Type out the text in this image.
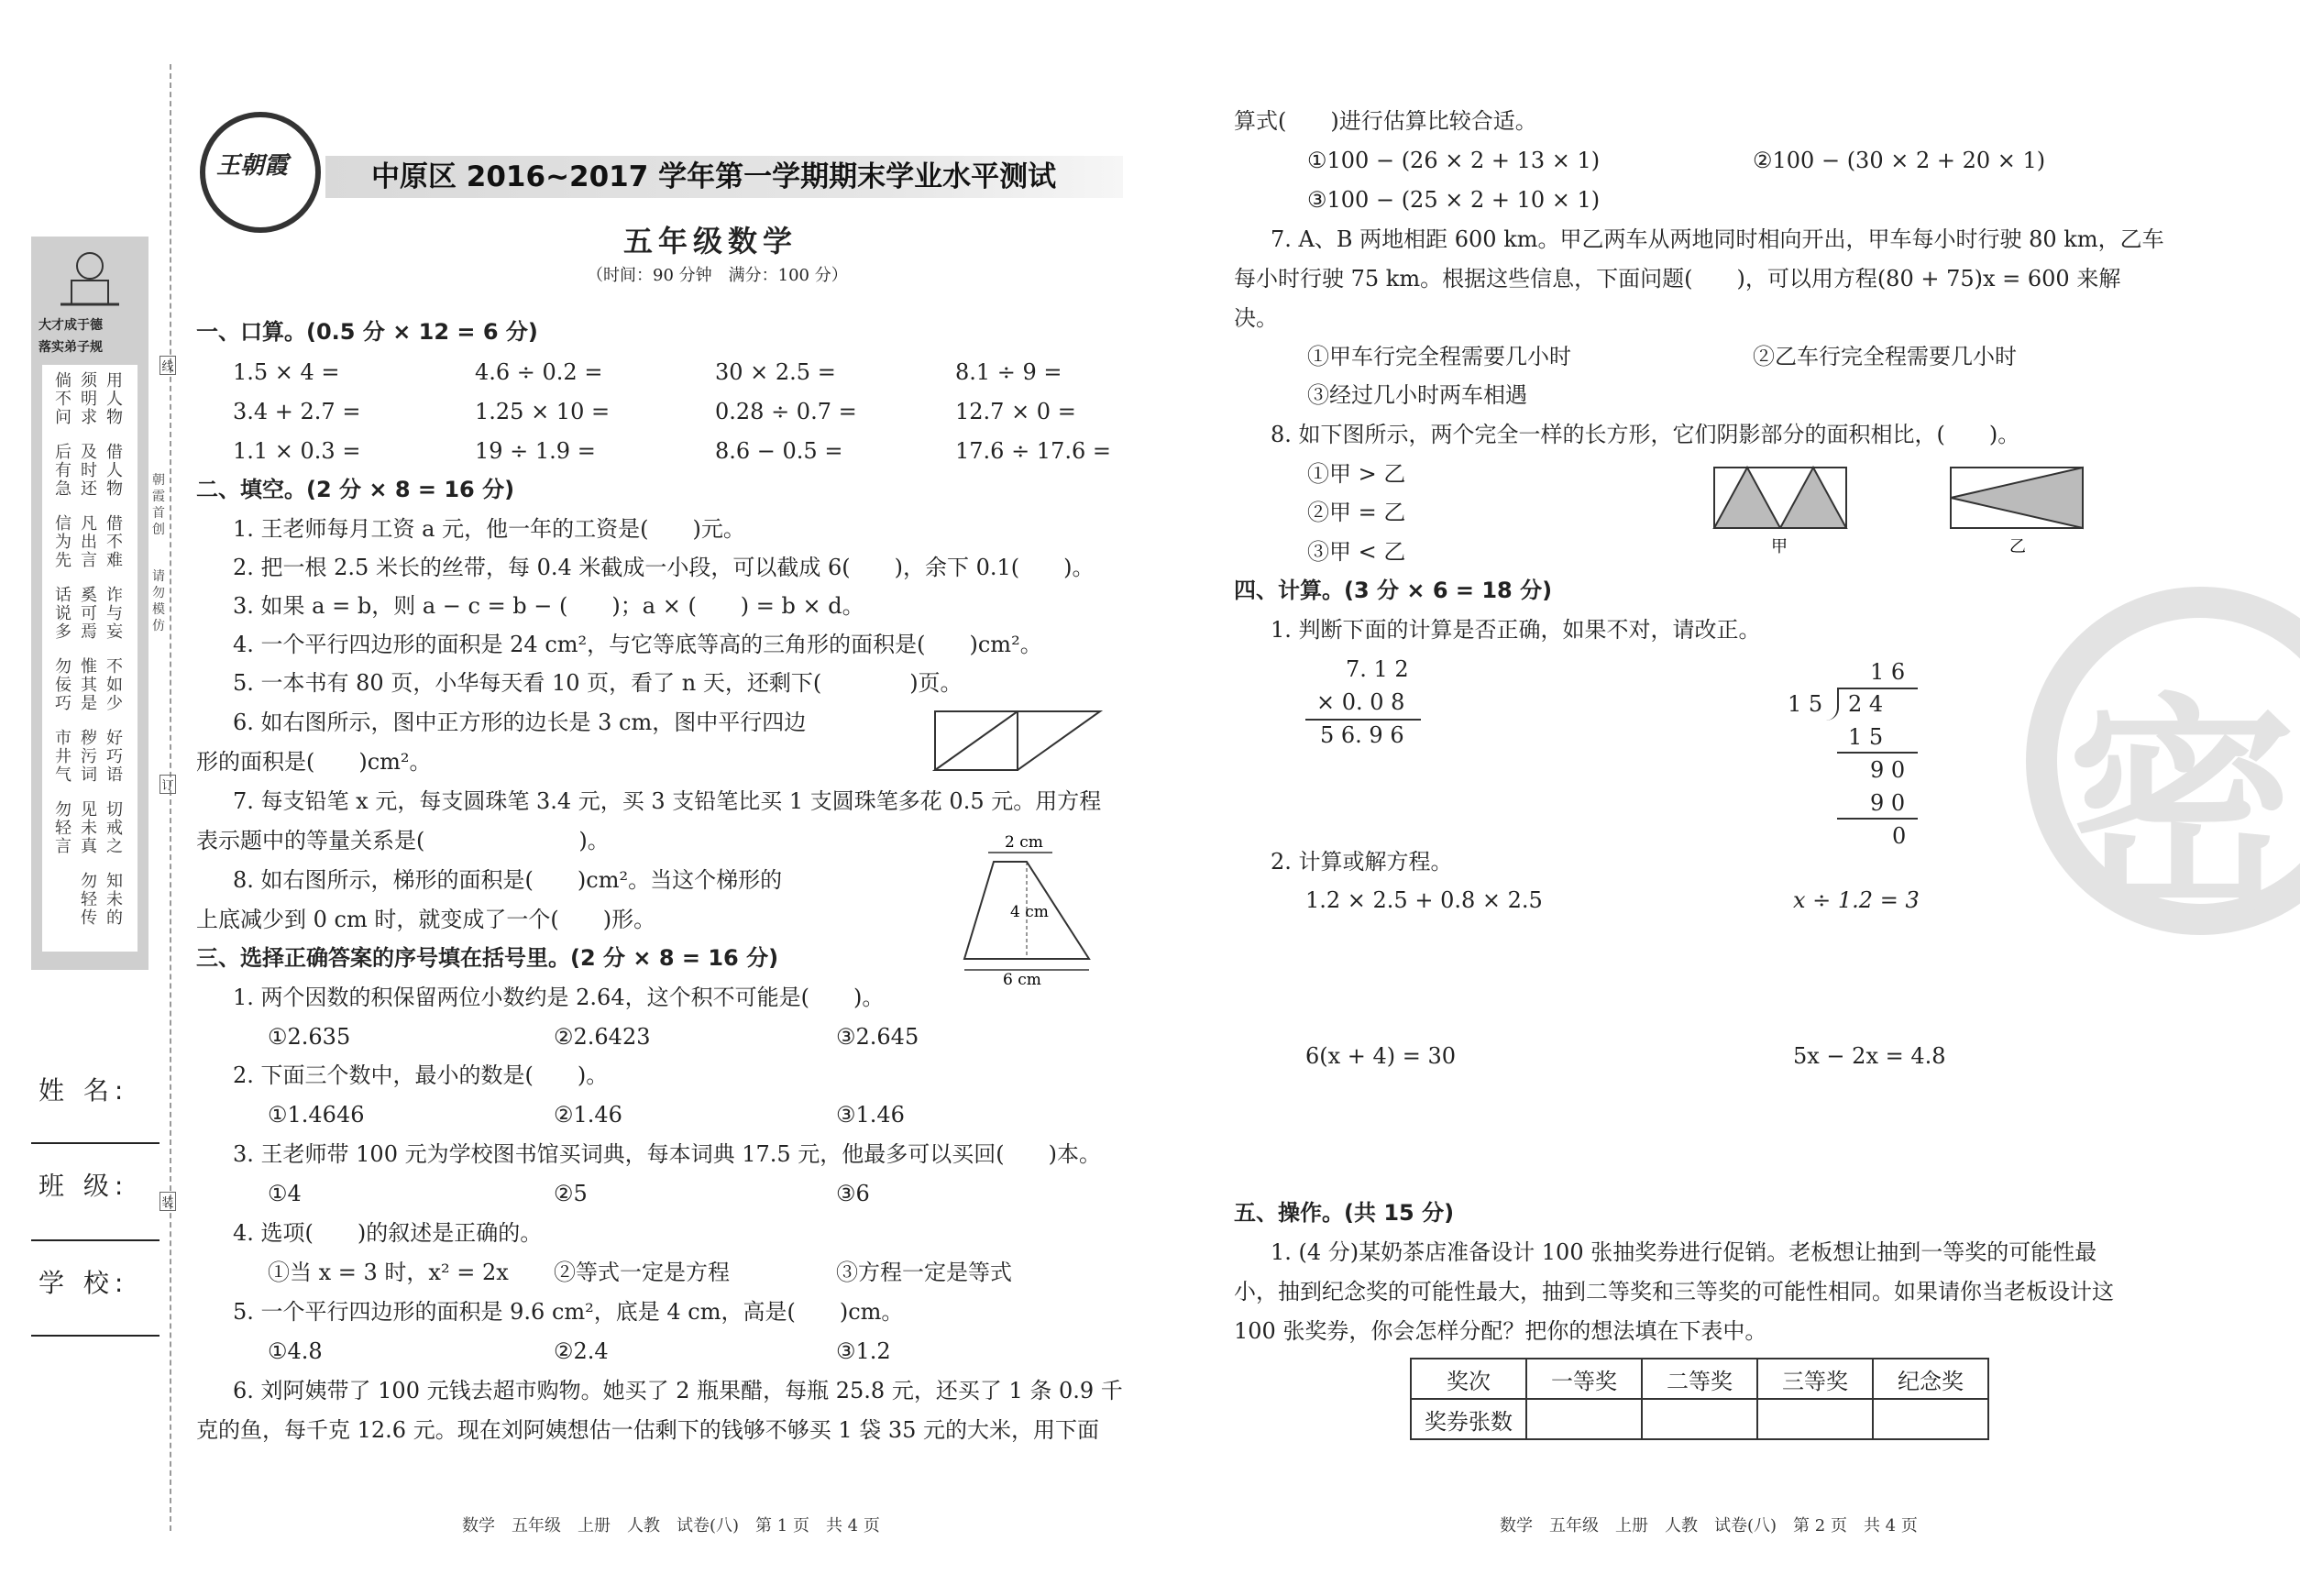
密
大才成于德
落实弟子规
用人物
须明求
倘不问
借人物
及时还
后有急
借不难
凡出言
信为先
诈与妄
奚可焉
话说多
不如少
惟其是
勿佞巧
好巧语
秽污词
市井气
切戒之
见未真
勿轻言
知未的
勿轻传
朝霞首创
请勿模仿
线
订
装
姓 名:
班 级:
学 校:
王朝霞	中原区 2016~2017 学年第一学期期末学业水平测试
五年级数学
（时间：90 分钟　满分：100 分）
一、口算。(0.5 分 × 12 = 6 分)
1.5 × 4 =	4.6 ÷ 0.2 =	30 × 2.5 =	8.1 ÷ 9 =
3.4 + 2.7 =	1.25 × 10 =	0.28 ÷ 0.7 =	12.7 × 0 =
1.1 × 0.3 =	19 ÷ 1.9 =	8.6 − 0.5 =	17.6 ÷ 17.6 =
二、填空。(2 分 × 8 = 16 分)
1. 王老师每月工资 a 元，他一年的工资是(　　)元。
2. 把一根 2.5 米长的丝带，每 0.4 米截成一小段，可以截成 6(　　)，余下 0.1(　　)。
3. 如果 a = b，则 a − c = b − (　　)；a × (　　) = b × d。
4. 一个平行四边形的面积是 24 cm²，与它等底等高的三角形的面积是(　　)cm²。
5. 一本书有 80 页，小华每天看 10 页，看了 n 天，还剩下(　　　　)页。
6. 如右图所示，图中正方形的边长是 3 cm，图中平行四边
形的面积是(　　)cm²。
7. 每支铅笔 x 元，每支圆珠笔 3.4 元，买 3 支铅笔比买 1 支圆珠笔多花 0.5 元。用方程
表示题中的等量关系是(　　　　　　　)。
8. 如右图所示，梯形的面积是(　　)cm²。当这个梯形的
上底减少到 0 cm 时，就变成了一个(　　)形。
2 cm
4 cm
6 cm
三、选择正确答案的序号填在括号里。(2 分 × 8 = 16 分)
1. 两个因数的积保留两位小数约是 2.64，这个积不可能是(　　)。
①2.635	②2.6423	③2.645
2. 下面三个数中，最小的数是(　　)。
①1.4646	②1.46	③1.46
3. 王老师带 100 元为学校图书馆买词典，每本词典 17.5 元，他最多可以买回(　　)本。
①4	②5	③6
4. 选项(　　)的叙述是正确的。
①当 x = 3 时，x² = 2x ②等式一定是方程	③方程一定是等式
5. 一个平行四边形的面积是 9.6 cm²，底是 4 cm，高是(　　)cm。
①4.8	②2.4	③1.2
6. 刘阿姨带了 100 元钱去超市购物。她买了 2 瓶果醋，每瓶 25.8 元，还买了 1 条 0.9 千
克的鱼，每千克 12.6 元。现在刘阿姨想估一估剩下的钱够不够买 1 袋 35 元的大米，用下面
算式(　　)进行估算比较合适。
①100 − (26 × 2 + 13 × 1)	②100 − (30 × 2 + 20 × 1)
③100 − (25 × 2 + 10 × 1)
7. A、B 两地相距 600 km。甲乙两车从两地同时相向开出，甲车每小时行驶 80 km，乙车
每小时行驶 75 km。根据这些信息，下面问题(　　)，可以用方程(80 + 75)x = 600 来解
决。
①甲车行完全程需要几小时	②乙车行完全程需要几小时
③经过几小时两车相遇
8. 如下图所示，两个完全一样的长方形，它们阴影部分的面积相比，(　　)。
①甲 > 乙
②甲 = 乙
③甲 < 乙	甲	乙
四、计算。(3 分 × 6 = 18 分)
1. 判断下面的计算是否正确，如果不对，请改正。
7. 1 2
× 0. 0 8
5 6. 9 6
1 6
1 5 2 4
1 5
9 0
9 0
0
2. 计算或解方程。
1.2 × 2.5 + 0.8 × 2.5	x ÷ 1.2 = 3
6(x + 4) = 30	5x − 2x = 4.8
五、操作。(共 15 分)
1. (4 分)某奶茶店准备设计 100 张抽奖券进行促销。老板想让抽到一等奖的可能性最
小，抽到纪念奖的可能性最大，抽到二等奖和三等奖的可能性相同。如果请你当老板设计这
100 张奖券，你会怎样分配？把你的想法填在下表中。
奖次	一等奖	二等奖	三等奖	纪念奖
奖券张数				
数学　五年级　上册　人教　试卷(八)　第 1 页　共 4 页	数学　五年级　上册　人教　试卷(八)　第 2 页　共 4 页
